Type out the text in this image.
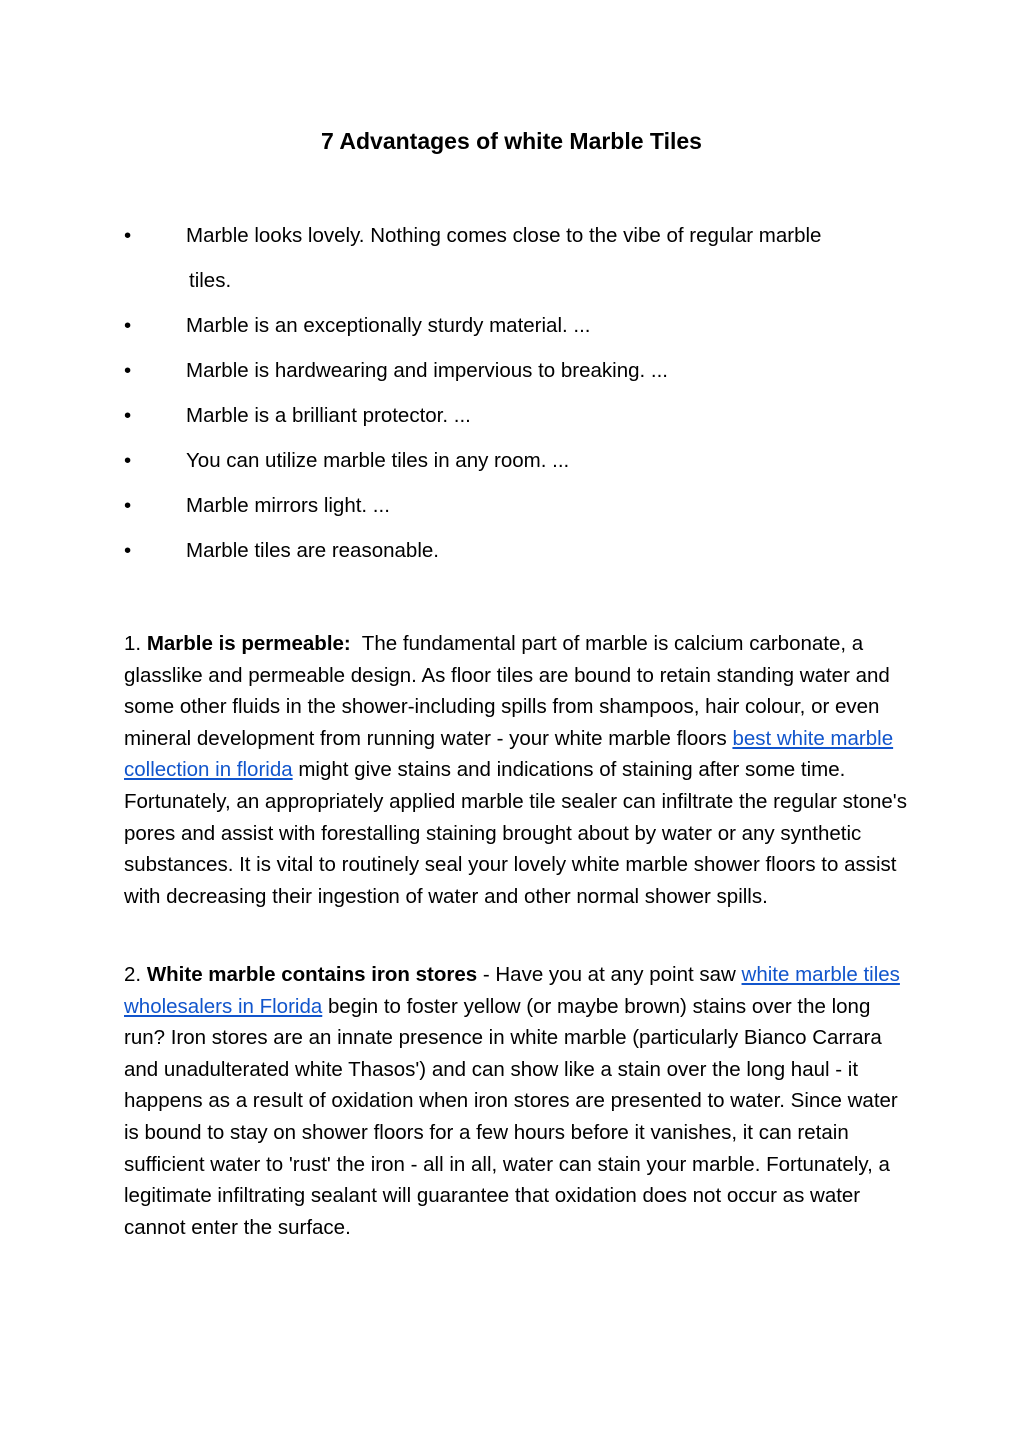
7 Advantages of white Marble Tiles
•	Marble looks lovely. Nothing comes close to the vibe of regular marble
tiles.
•	Marble is an exceptionally sturdy material. ...
•	Marble is hardwearing and impervious to breaking. ...
•	Marble is a brilliant protector. ...
•	You can utilize marble tiles in any room. ...
•	Marble mirrors light. ...
•	Marble tiles are reasonable.
1. Marble is permeable: The fundamental part of marble is calcium carbonate, a glasslike and permeable design. As floor tiles are bound to retain standing water and some other fluids in the shower-including spills from shampoos, hair colour, or even mineral development from running water - your white marble floors best white marble collection in florida might give stains and indications of staining after some time. Fortunately, an appropriately applied marble tile sealer can infiltrate the regular stone's pores and assist with forestalling staining brought about by water or any synthetic substances. It is vital to routinely seal your lovely white marble shower floors to assist with decreasing their ingestion of water and other normal shower spills.
2. White marble contains iron stores - Have you at any point saw white marble tiles wholesalers in Florida begin to foster yellow (or maybe brown) stains over the long run? Iron stores are an innate presence in white marble (particularly Bianco Carrara and unadulterated white Thasos') and can show like a stain over the long haul - it happens as a result of oxidation when iron stores are presented to water. Since water is bound to stay on shower floors for a few hours before it vanishes, it can retain sufficient water to 'rust' the iron - all in all, water can stain your marble. Fortunately, a legitimate infiltrating sealant will guarantee that oxidation does not occur as water cannot enter the surface.
